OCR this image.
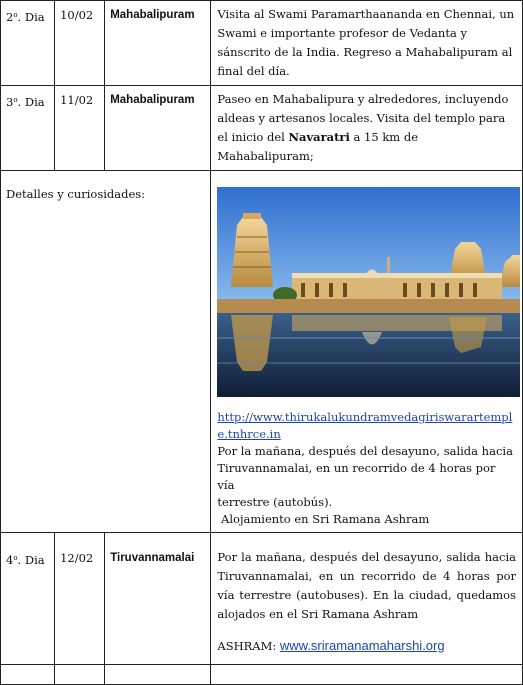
2$^o$. Dia	10/02	Mahabalipuram	Visita al Swami Paramarthaananda en Chennai, un Swami e importante profesor de Vedanta y sánscrito de la India. Regreso a Mahabalipuram al final del día.

3$^o$. Dia	11/02	Mahabalipuram	Paseo en Mahabalipura y alrededores, incluyendo aldeas y artesanos locales. Visita del templo para el inicio del Navaratri a 15 km de Mahabalipuram;

Detalles y curiosidades:			http://www.thirukalukundramvedagiriswarartemple.tnhrce.in
Por la mañana, después del desayuno, salida hacia
Tiruvannamalai, en un recorrido de 4 horas por vía
terrestre (autobús).
Alojamiento en Sri Ramana Ashram

4$^o$. Dia	12/02	Tiruvannamalai	Por la mañana, después del desayuno, salida hacia Tiruvannamalai, en un recorrido de 4 horas por vía terrestre (autobuses). En la ciudad, quedamos alojados en el Sri Ramana Ashram
ASHRAM: www.sriramanamaharshi.org
